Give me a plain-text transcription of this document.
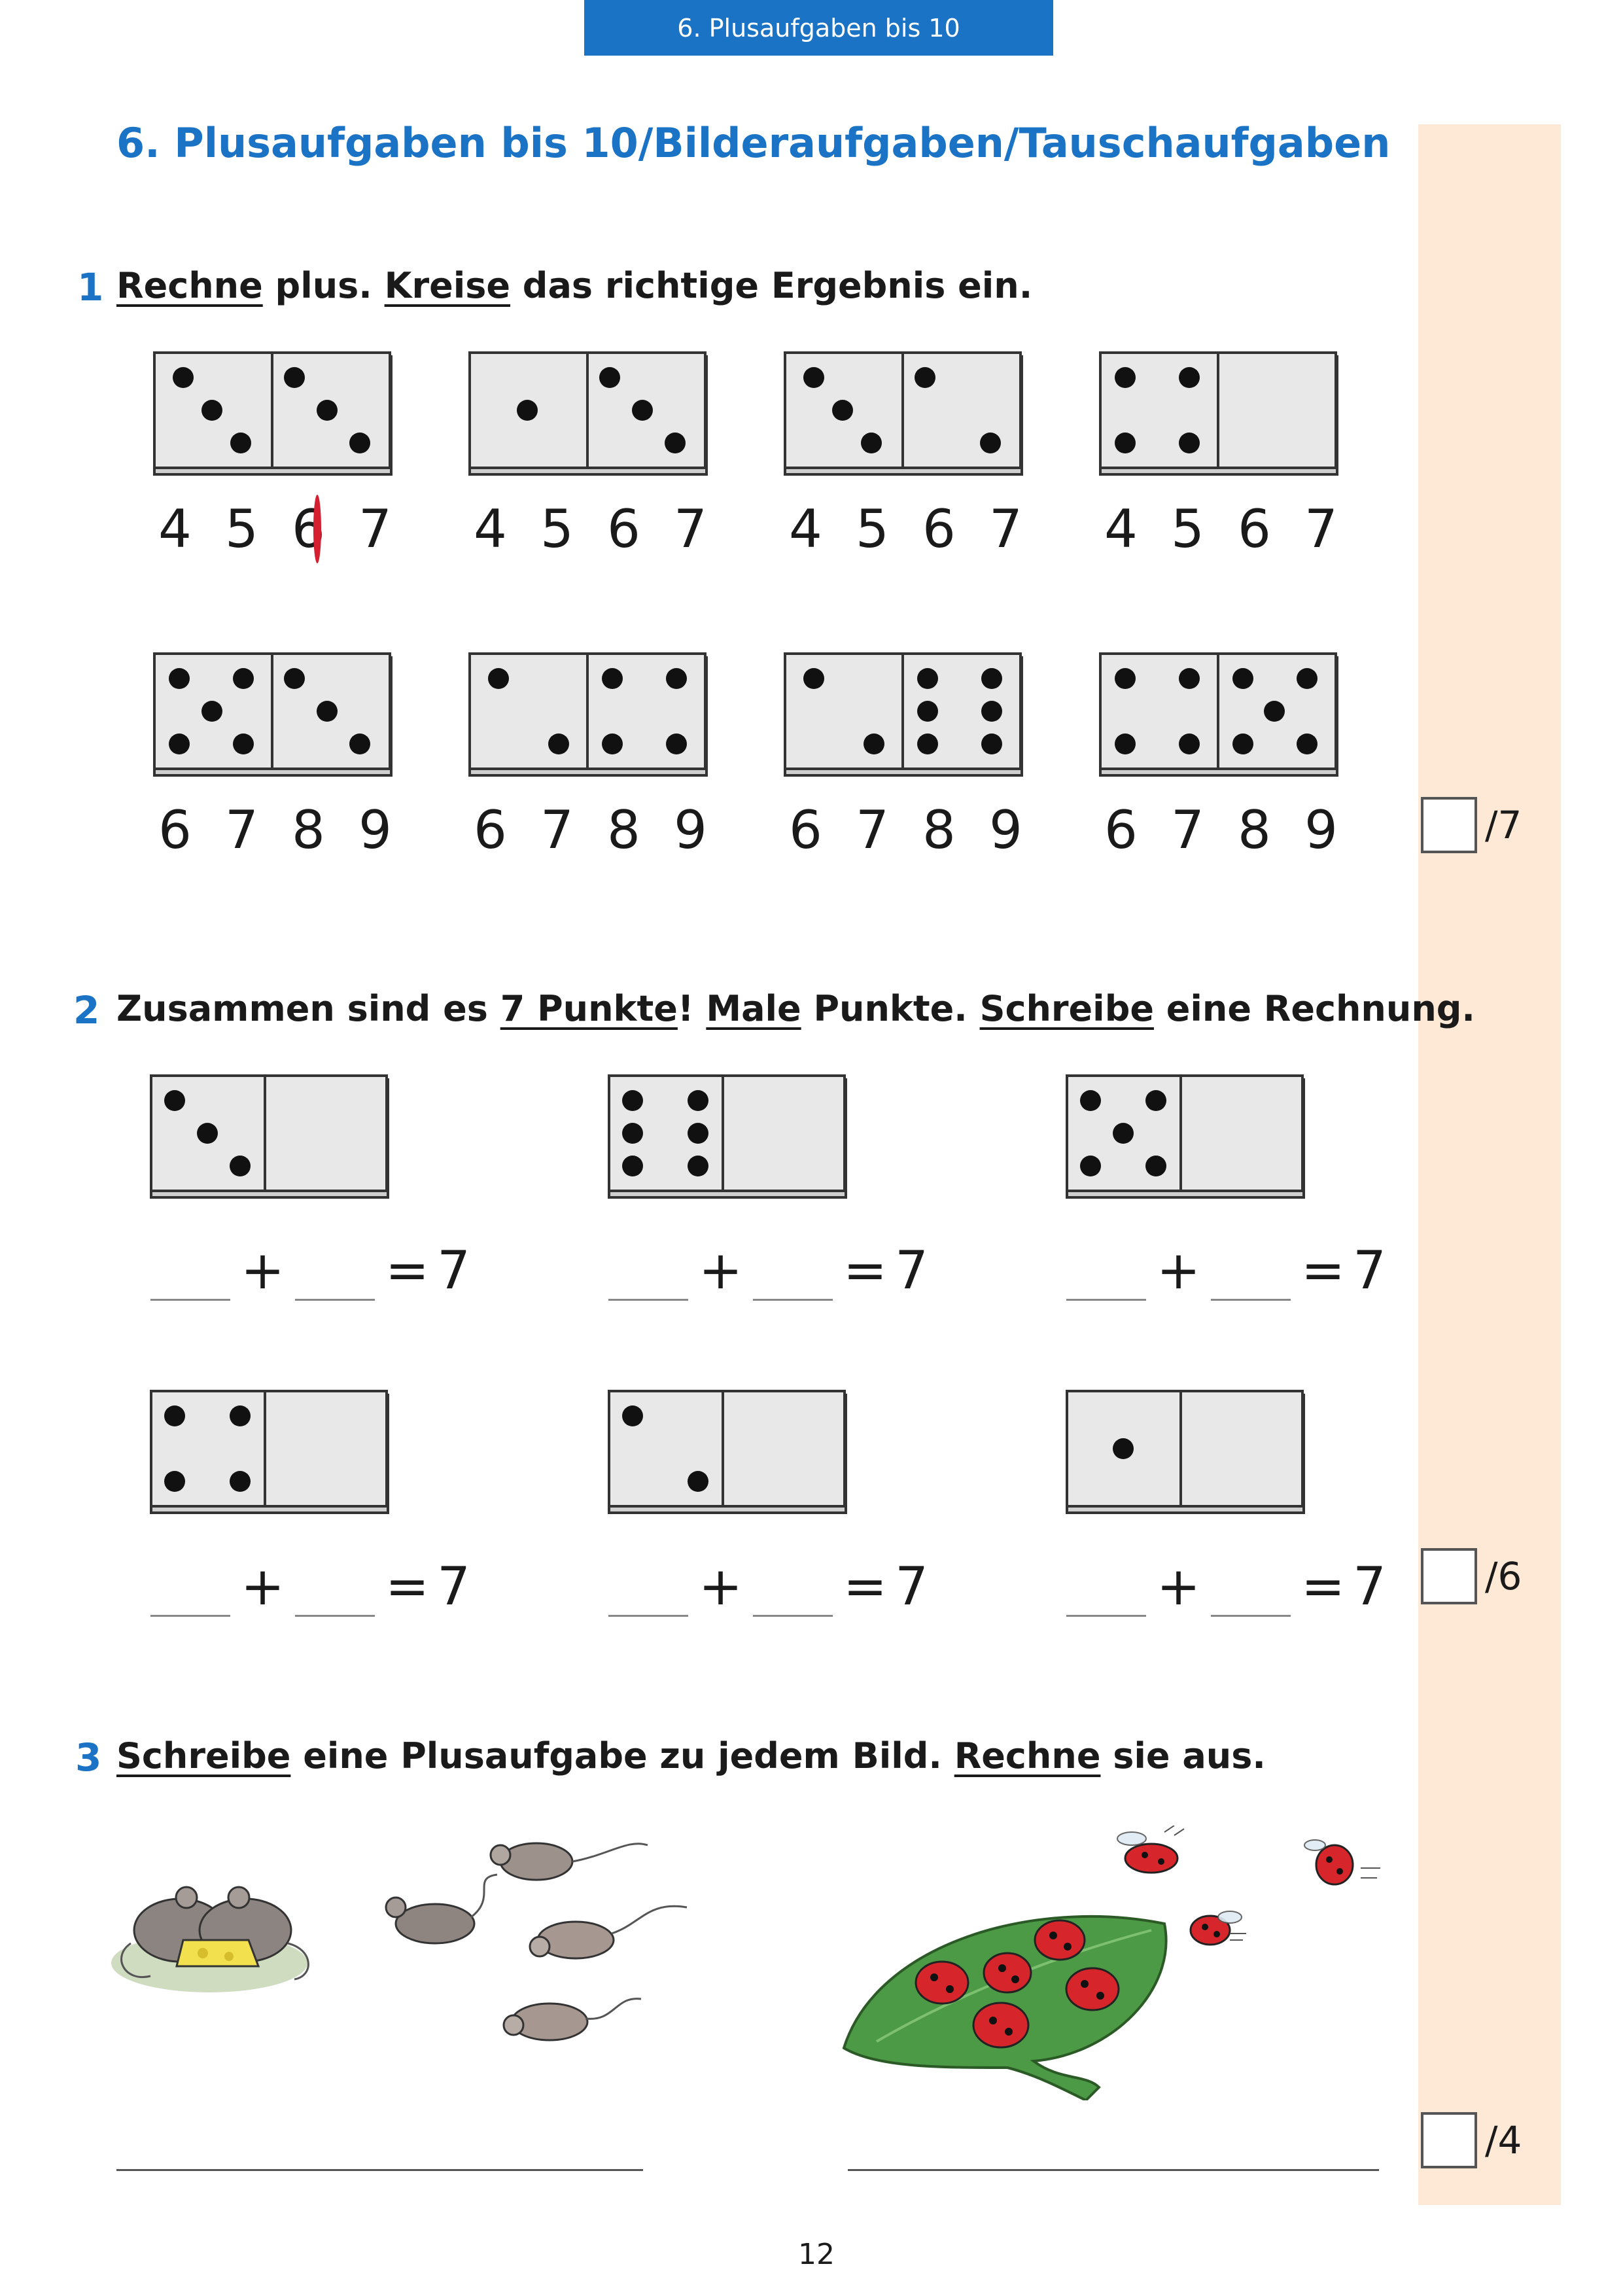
6. Plusaufgaben bis 10
6. Plusaufgaben bis 10/Bilderaufgaben/Tauschaufgaben
1 Rechne plus. Kreise das richtige Ergebnis ein.
4 5 6 7	4 5 6 7	4 5 6 7	4 5 6 7
6 7 8 9	6 7 8 9	6 7 8 9	6 7 8 9	/7
2 Zusammen sind es 7 Punkte! Male Punkte. Schreibe eine Rechnung.
+ = 7	+ = 7	+ = 7
+ = 7	+ = 7	+ = 7	/6
3 Schreibe eine Plusaufgabe zu jedem Bild. Rechne sie aus.
/4
12
